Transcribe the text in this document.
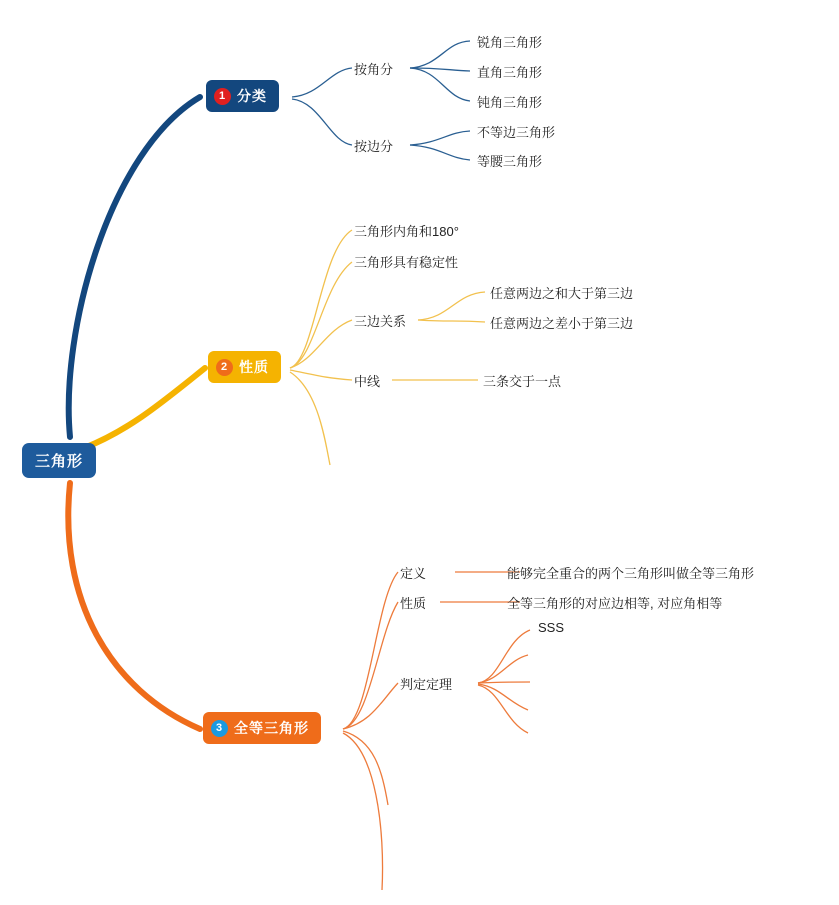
三角形
1 分类
按角分
按边分
锐角三角形
直角三角形
钝角三角形
不等边三角形
等腰三角形
2 性质
三角形内角和180°
三角形具有稳定性
三边关系
中线
任意两边之和大于第三边
任意两边之差小于第三边
三条交于一点
3 全等三角形
定义
性质
判定定理
能够完全重合的两个三角形叫做全等三角形
全等三角形的对应边相等, 对应角相等
SSS
